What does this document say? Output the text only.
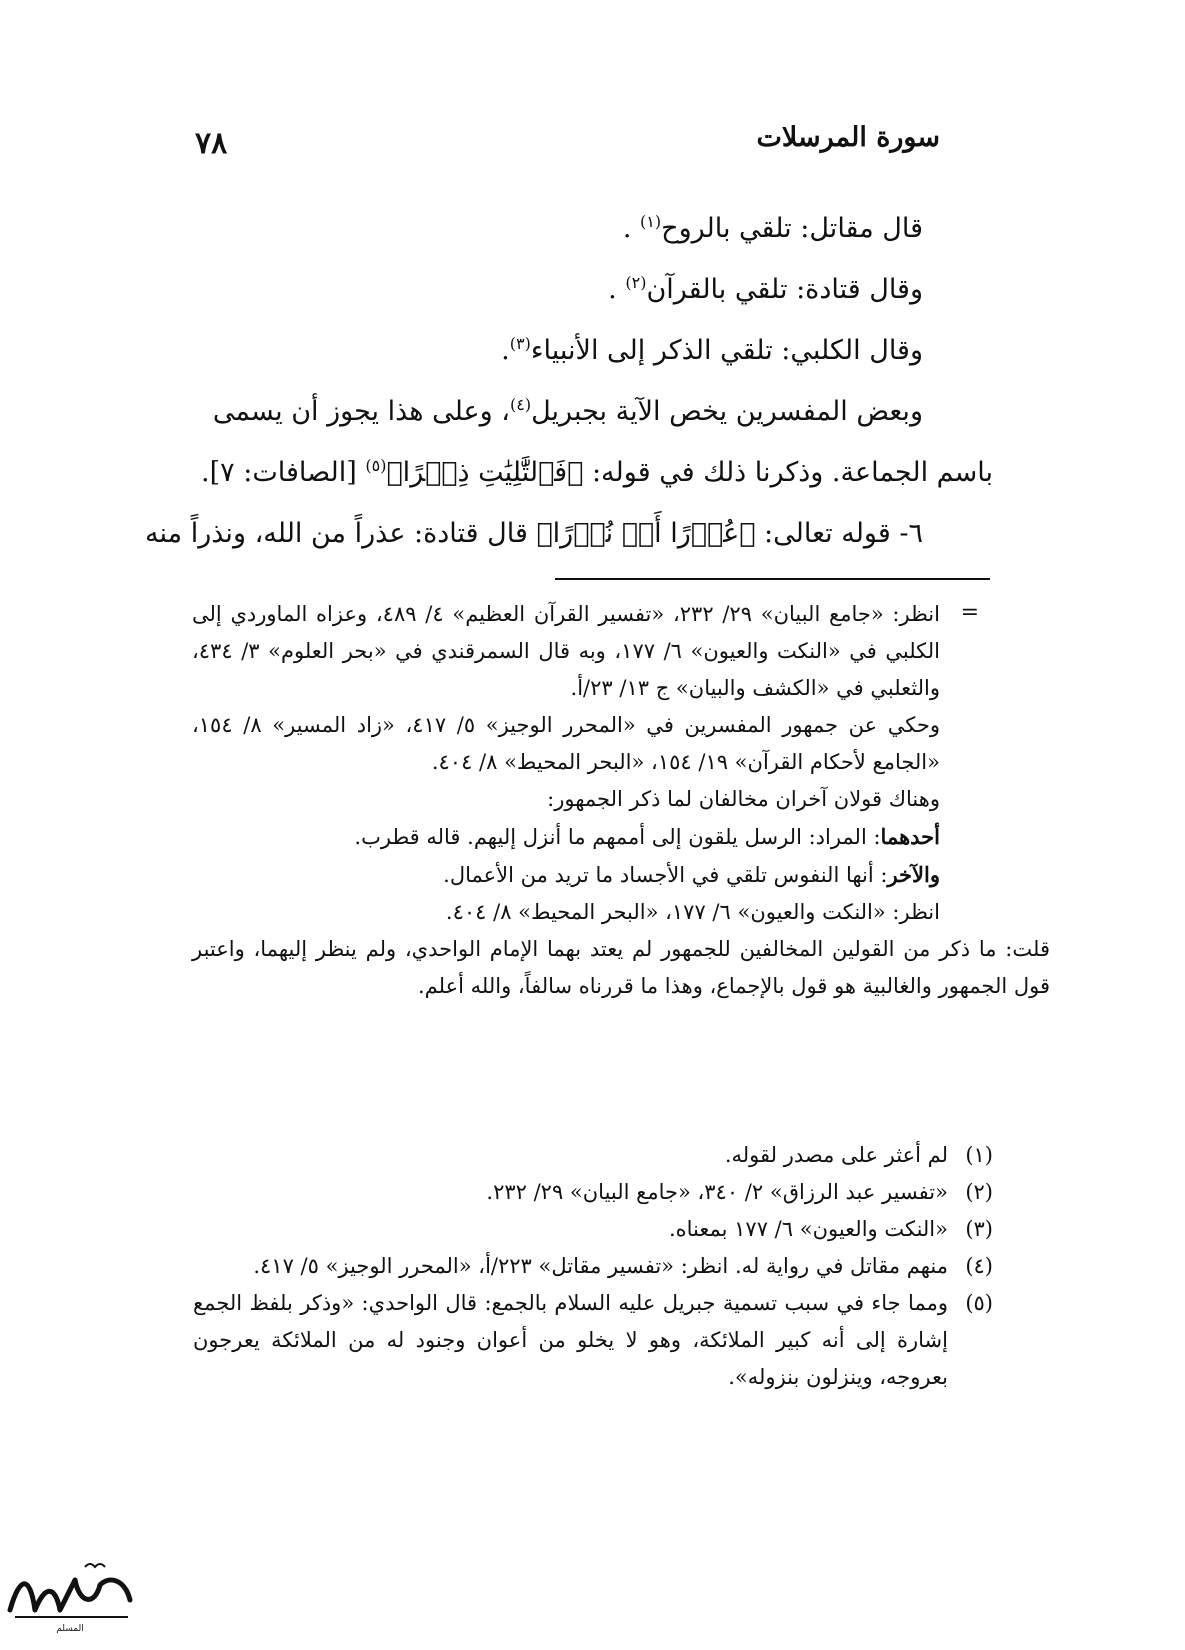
٧٨	سورة المرسلات

قال مقاتل: تلقي بالروح$^{(١)}$ .

وقال قتادة: تلقي بالقرآن$^{(٢)}$ .

وقال الكلبي: تلقي الذكر إلى الأنبياء$^{(٣)}$.

وبعض المفسرين يخص الآية بجبريل$^{(٤)}$، وعلى هذا يجوز أن يسمى

باسم الجماعة. وذكرنا ذلك في قوله: ﴿فَٱلتَّٰلِيَٰتِ ذِكۡرًا﴾$^{(٥)}$ [الصافات: ٧].

٦- قوله تعالى: ﴿عُذۡرًا أَوۡ نُذۡرًا﴾ قال قتادة: عذراً من الله، ونذراً منه

=

انظر: «جامع البيان» ٢٩/ ٢٣٢، «تفسير القرآن العظيم» ٤/ ٤٨٩، وعزاه الماوردي إلى الكلبي في «النكت والعيون» ٦/ ١٧٧، وبه قال السمرقندي في «بحر العلوم» ٣/ ٤٣٤، والثعلبي في «الكشف والبيان» ج ١٣/ ٢٣/أ.

وحكي عن جمهور المفسرين في «المحرر الوجيز» ٥/ ٤١٧، «زاد المسير» ٨/ ١٥٤، «الجامع لأحكام القرآن» ١٩/ ١٥٤، «البحر المحيط» ٨/ ٤٠٤.

وهناك قولان آخران مخالفان لما ذكر الجمهور:

أحدهما: المراد: الرسل يلقون إلى أممهم ما أنزل إليهم. قاله قطرب.

والآخر: أنها النفوس تلقي في الأجساد ما تريد من الأعمال.

انظر: «النكت والعيون» ٦/ ١٧٧، «البحر المحيط» ٨/ ٤٠٤.

قلت: ما ذكر من القولين المخالفين للجمهور لم يعتد بهما الإمام الواحدي، ولم ينظر إليهما، واعتبر قول الجمهور والغالبية هو قول بالإجماع، وهذا ما قررناه سالفاً، والله أعلم.

(١)
لم أعثر على مصدر لقوله.

(٢)
«تفسير عبد الرزاق» ٢/ ٣٤٠، «جامع البيان» ٢٩/ ٢٣٢.

(٣)
«النكت والعيون» ٦/ ١٧٧ بمعناه.

(٤)
منهم مقاتل في رواية له. انظر: «تفسير مقاتل» ٢٢٣/أ، «المحرر الوجيز» ٥/ ٤١٧.

(٥)
ومما جاء في سبب تسمية جبريل عليه السلام بالجمع: قال الواحدي: «وذكر بلفظ الجمع إشارة إلى أنه كبير الملائكة، وهو لا يخلو من أعوان وجنود له من الملائكة يعرجون بعروجه، وينزلون بنزوله».

المسلم
